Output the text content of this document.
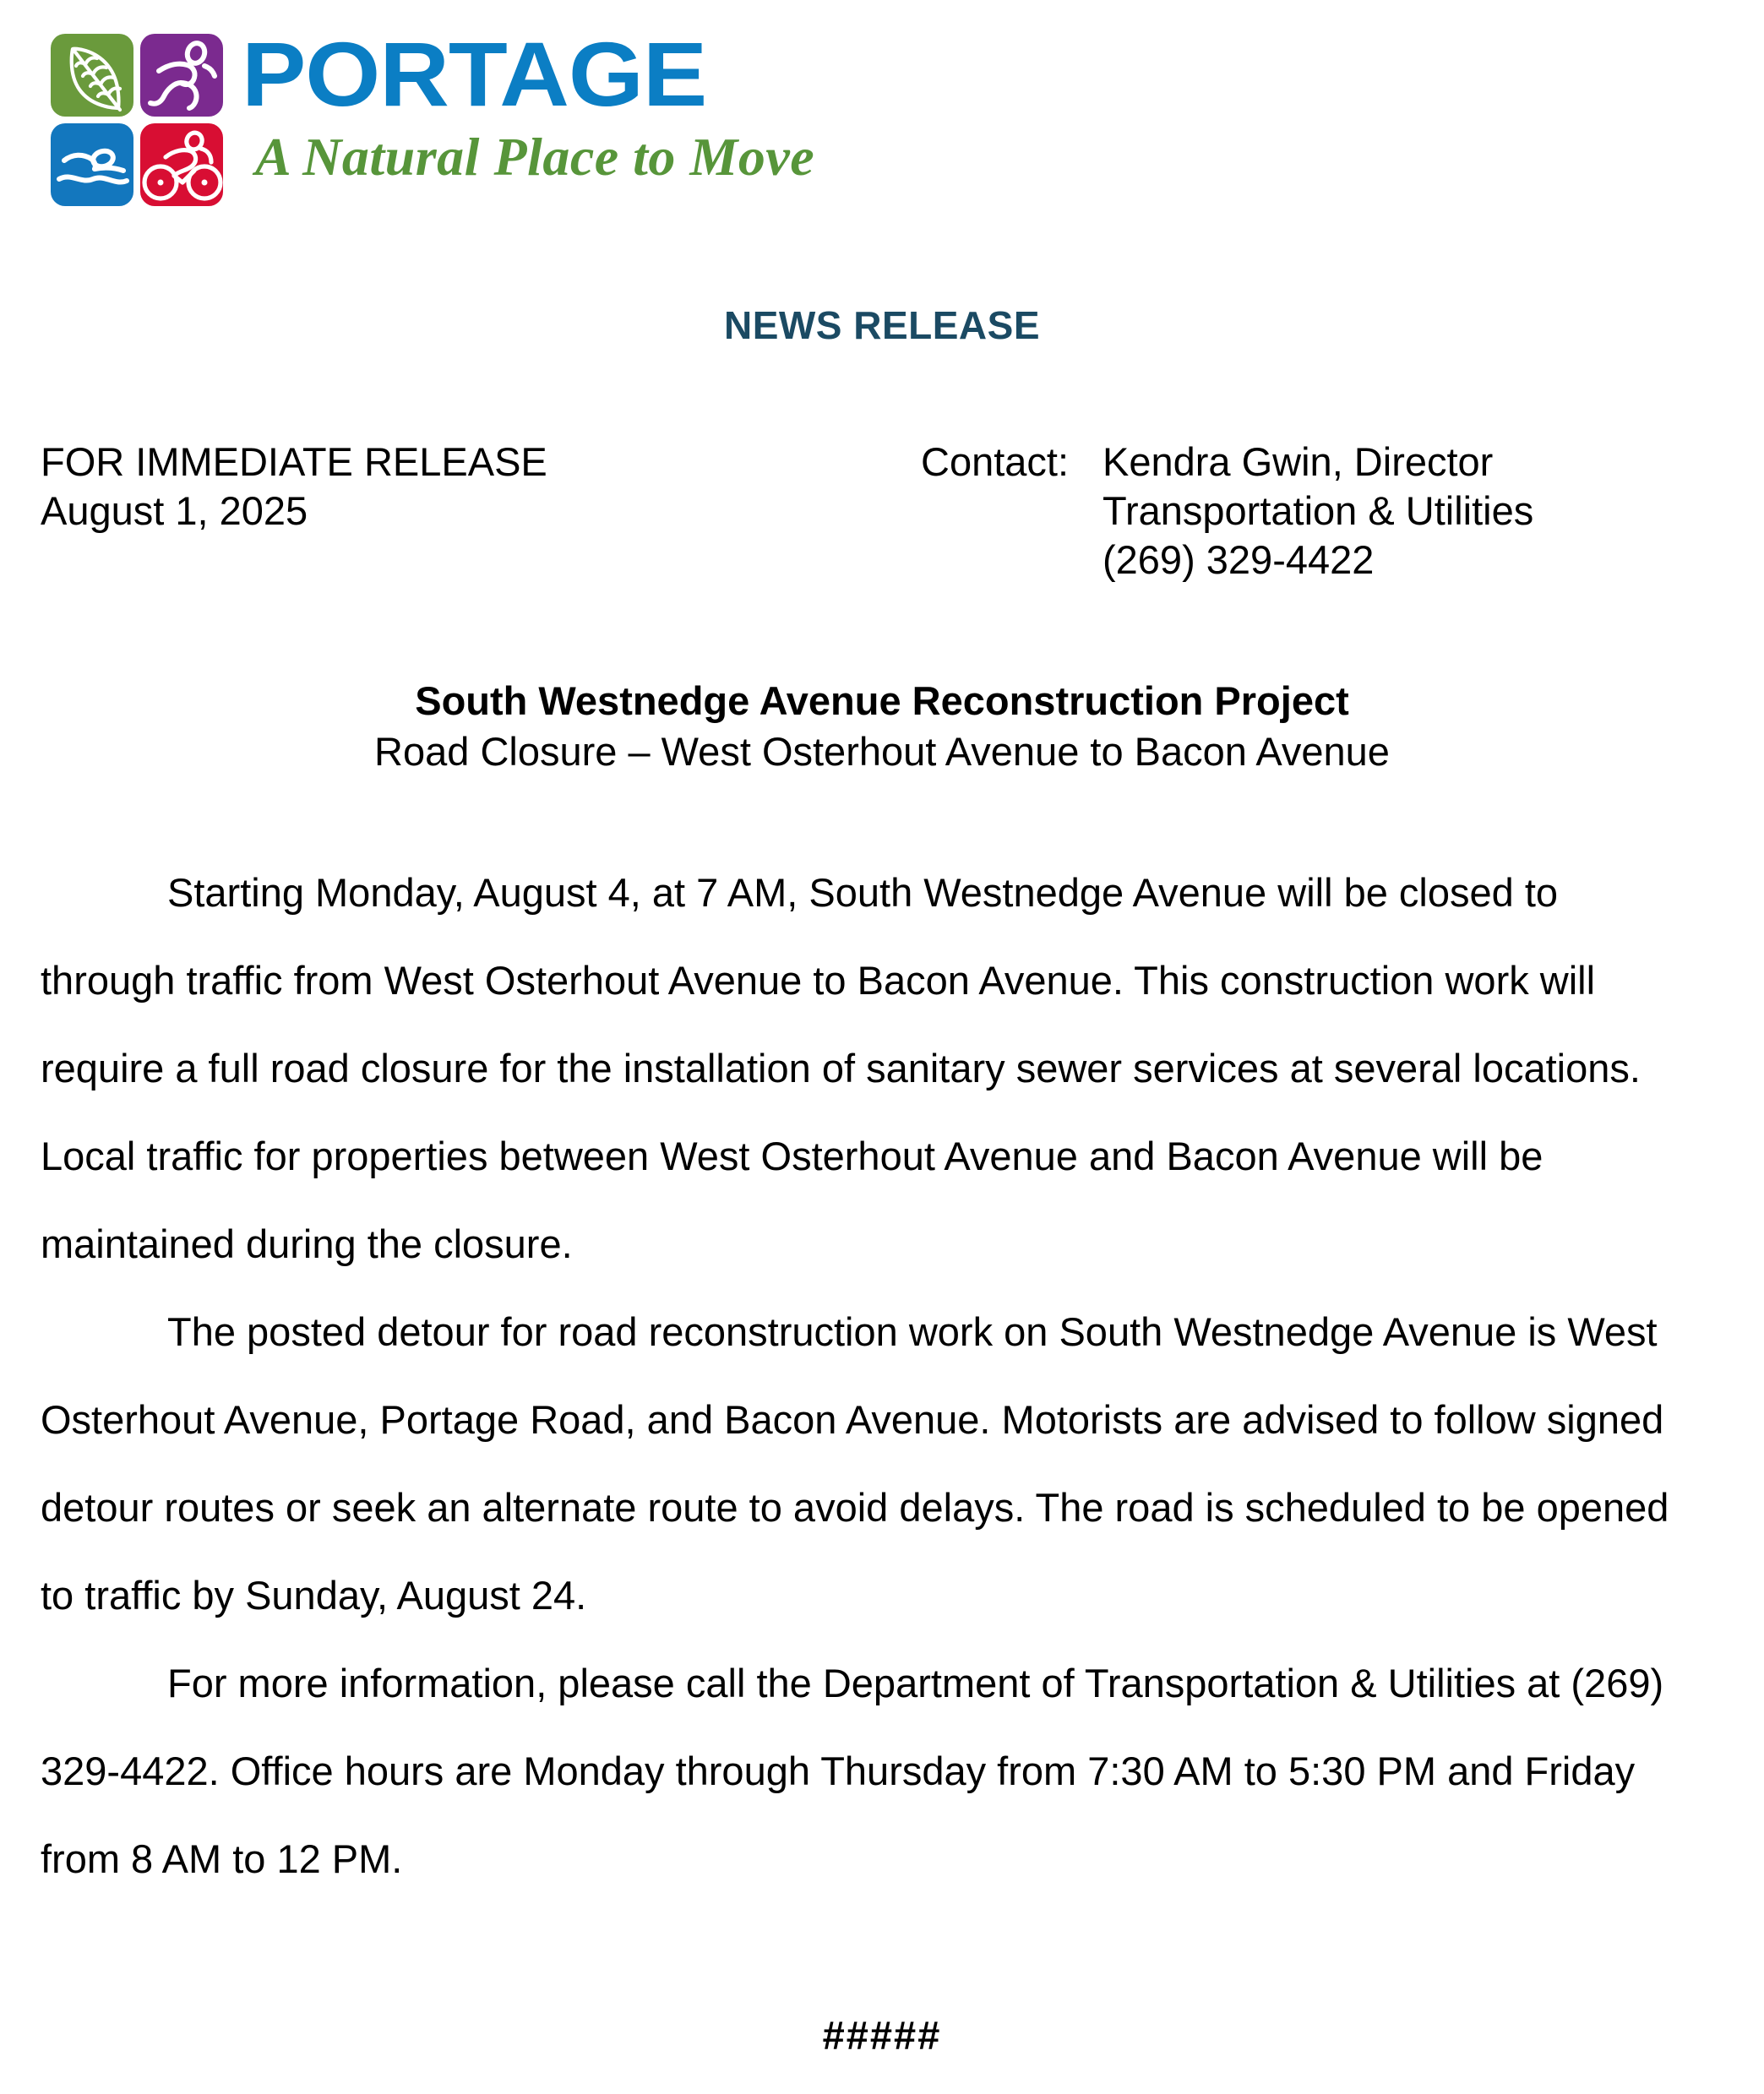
PORTAGE
A Natural Place to Move
NEWS RELEASE
FOR IMMEDIATE RELEASE
August 1, 2025
Contact: Kendra Gwin, Director
Transportation & Utilities
(269) 329-4422
South Westnedge Avenue Reconstruction Project
Road Closure – West Osterhout Avenue to Bacon Avenue

Starting Monday, August 4, at 7 AM, South Westnedge Avenue will be closed to through traffic from West Osterhout Avenue to Bacon Avenue. This construction work will require a full road closure for the installation of sanitary sewer services at several locations. Local traffic for properties between West Osterhout Avenue and Bacon Avenue will be maintained during the closure.

The posted detour for road reconstruction work on South Westnedge Avenue is West Osterhout Avenue, Portage Road, and Bacon Avenue. Motorists are advised to follow signed detour routes or seek an alternate route to avoid delays. The road is scheduled to be opened to traffic by Sunday, August 24.

For more information, please call the Department of Transportation & Utilities at (269) 329-4422. Office hours are Monday through Thursday from 7:30 AM to 5:30 PM and Friday from 8 AM to 12 PM.

#####
